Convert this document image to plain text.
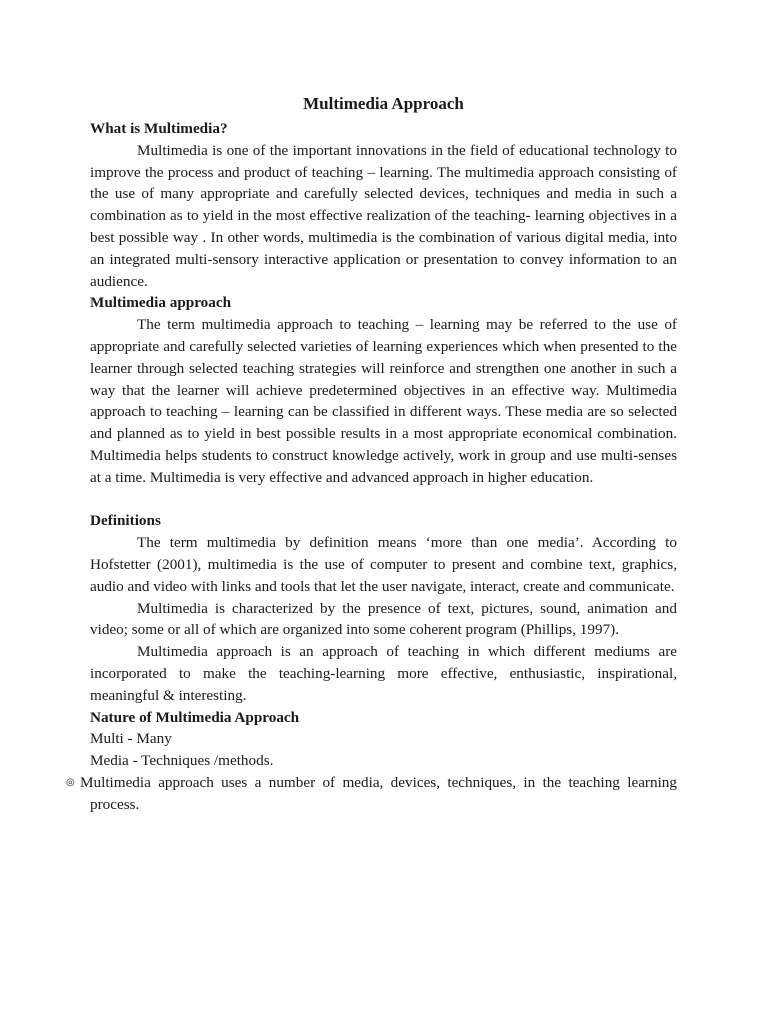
Multimedia Approach

What is Multimedia?

Multimedia is one of the important innovations in the field of educational technology to improve the process and product of teaching – learning. The multimedia approach consisting of the use of many appropriate and carefully selected devices, techniques and media in such a combination as to yield in the most effective realization of the teaching- learning objectives in a best possible way . In other words, multimedia is the combination of various digital media, into an integrated multi-sensory interactive application or presentation to convey information to an audience.

Multimedia approach

The term multimedia approach to teaching – learning may be referred to the use of appropriate and carefully selected varieties of learning experiences which when presented to the learner through selected teaching strategies will reinforce and strengthen one another in such a way that the learner will achieve predetermined objectives in an effective way. Multimedia approach to teaching – learning can be classified in different ways. These media are so selected and planned as to yield in best possible results in a most appropriate economical combination. Multimedia helps students to construct knowledge actively, work in group and use multi-senses at a time. Multimedia is very effective and advanced approach in higher education.

Definitions

The term multimedia by definition means ‘more than one media’. According to Hofstetter (2001), multimedia is the use of computer to present and combine text, graphics, audio and video with links and tools that let the user navigate, interact, create and communicate.

Multimedia is characterized by the presence of text, pictures, sound, animation and video; some or all of which are organized into some coherent program (Phillips, 1997).

Multimedia approach is an approach of teaching in which different mediums are incorporated to make the teaching-learning more effective, enthusiastic, inspirational, meaningful & interesting.

Nature of Multimedia Approach

Multi - Many

Media - Techniques /methods.

◎ Multimedia approach uses a number of media, devices, techniques, in the teaching learning process.
